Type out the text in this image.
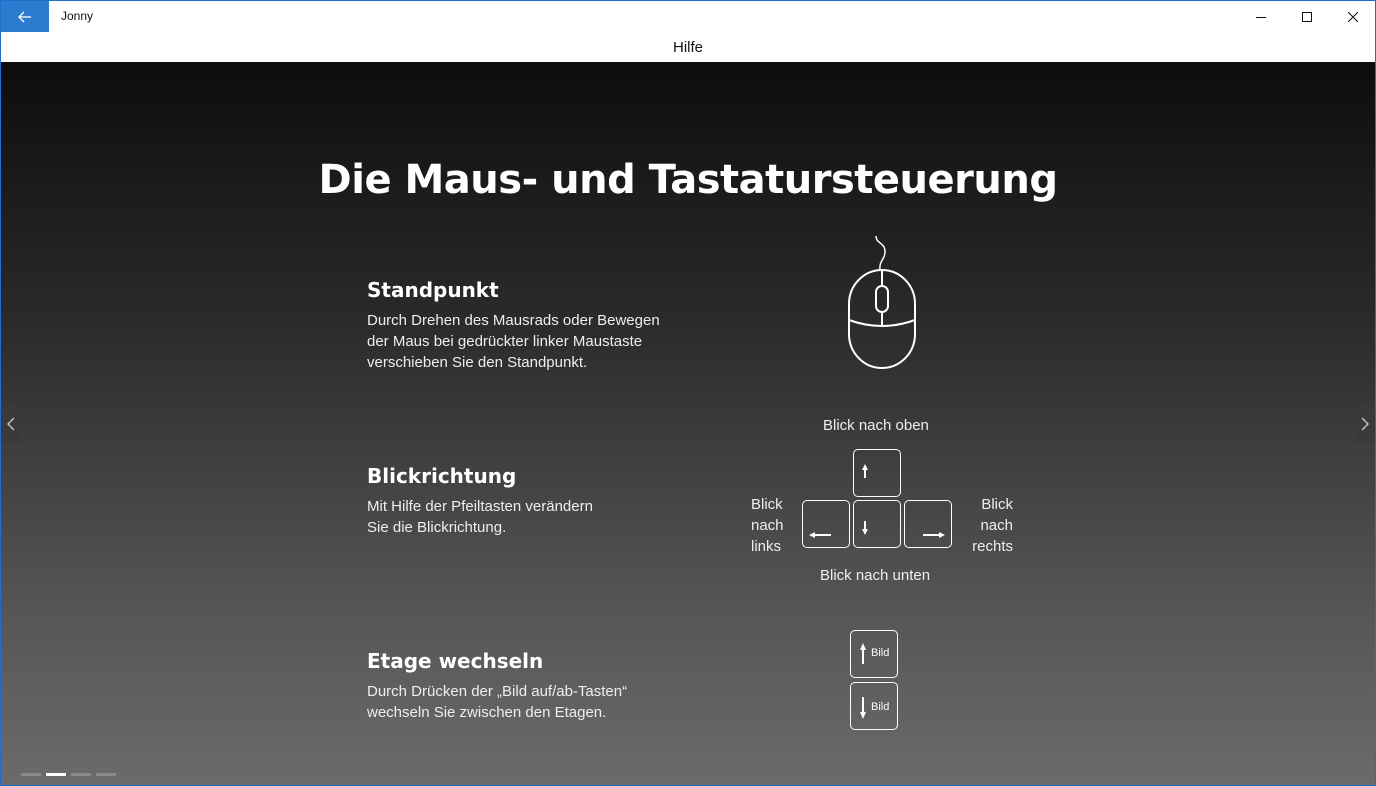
Jonny
Hilfe
Die Maus- und Tastatursteuerung
Standpunkt
Durch Drehen des Mausrads oder Bewegen
der Maus bei gedrückter linker Maustaste
verschieben Sie den Standpunkt.
Blickrichtung
Mit Hilfe der Pfeiltasten verändern
Sie die Blickrichtung.
Blick nach oben
Blick nach unten
Blick
nach
links
Blick
nach
rechts
Etage wechseln
Durch Drücken der „Bild auf/ab-Tasten“
wechseln Sie zwischen den Etagen.
Bild
Bild
